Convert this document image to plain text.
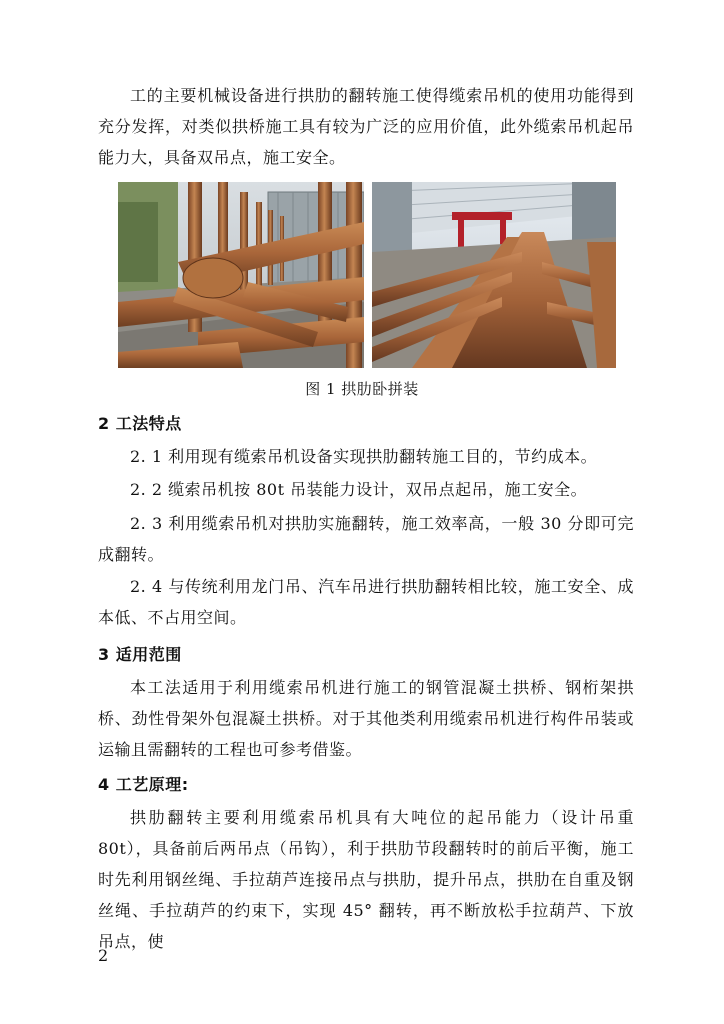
工的主要机械设备进行拱肋的翻转施工使得缆索吊机的使用功能得到充分发挥，对类似拱桥施工具有较为广泛的应用价值，此外缆索吊机起吊能力大，具备双吊点，施工安全。

图 1 拱肋卧拼装
2 工法特点

2. 1 利用现有缆索吊机设备实现拱肋翻转施工目的，节约成本。

2. 2 缆索吊机按 80t 吊装能力设计，双吊点起吊，施工安全。

2. 3 利用缆索吊机对拱肋实施翻转，施工效率高，一般 30 分即可完成翻转。

2. 4 与传统利用龙门吊、汽车吊进行拱肋翻转相比较，施工安全、成本低、不占用空间。

3 适用范围

本工法适用于利用缆索吊机进行施工的钢管混凝土拱桥、钢桁架拱桥、劲性骨架外包混凝土拱桥。对于其他类利用缆索吊机进行构件吊装或运输且需翻转的工程也可参考借鉴。

4 工艺原理:

拱肋翻转主要利用缆索吊机具有大吨位的起吊能力（设计吊重 80t），具备前后两吊点（吊钩），利于拱肋节段翻转时的前后平衡，施工时先利用钢丝绳、手拉葫芦连接吊点与拱肋，提升吊点，拱肋在自重及钢丝绳、手拉葫芦的约束下，实现 45° 翻转，再不断放松手拉葫芦、下放吊点，使

2
